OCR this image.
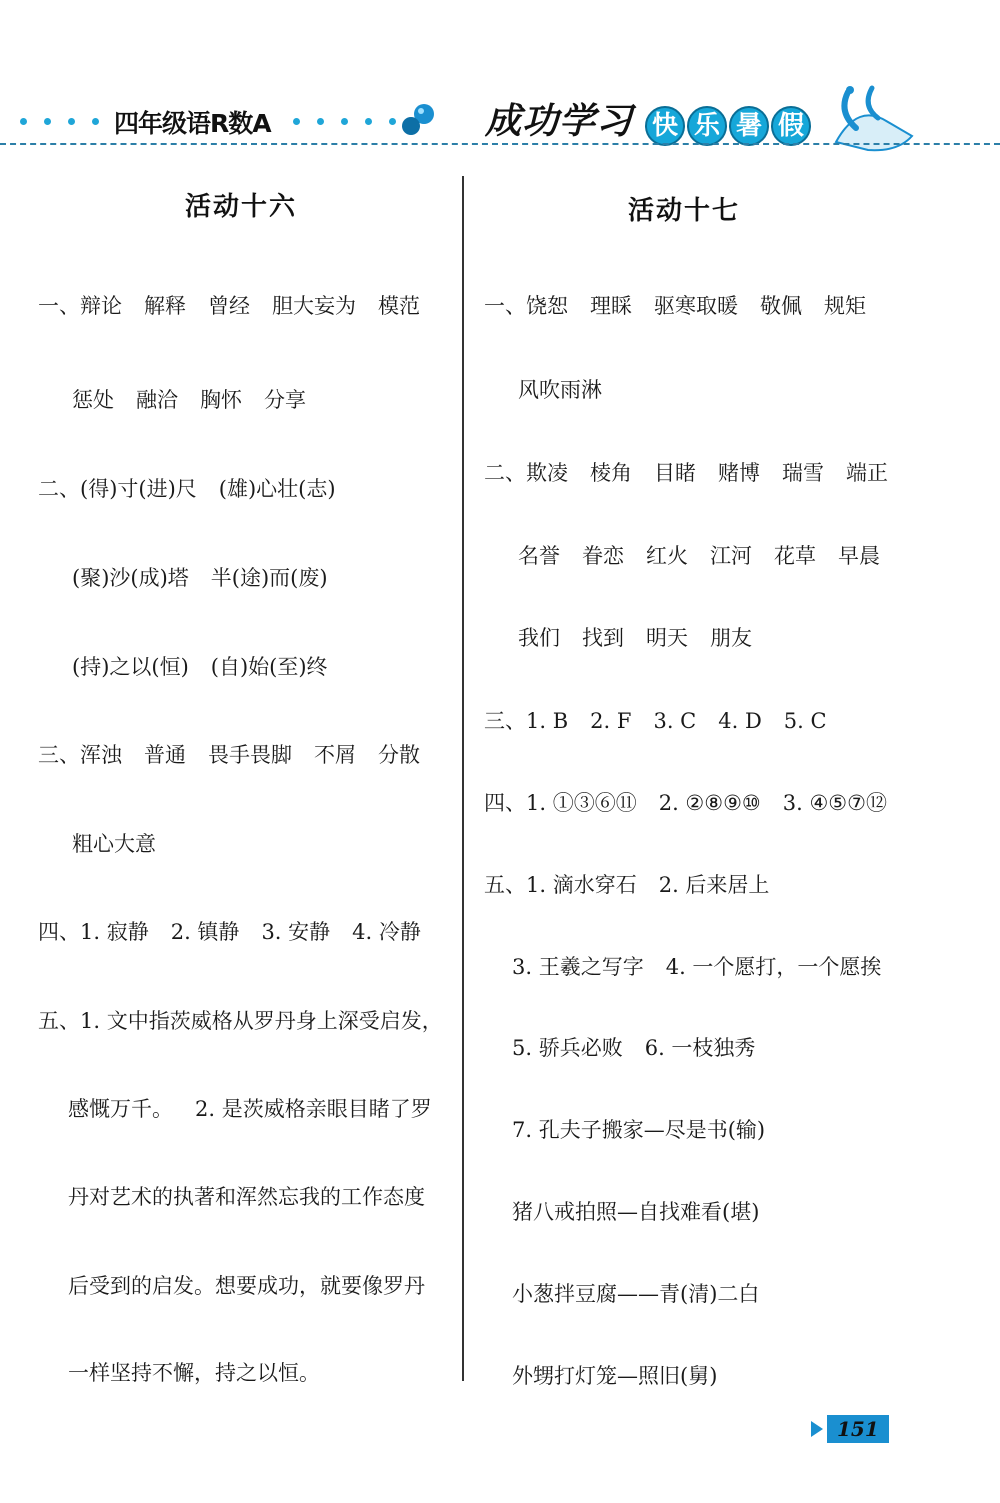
四年级语R数A	成功学习 快 乐 暑 假
活动十六	活动十七
一、辩论 解释 曾经 胆大妄为 模范
惩处 融洽 胸怀 分享
二、(得)寸(进)尺 (雄)心壮(志)
(聚)沙(成)塔 半(途)而(废)
(持)之以(恒) (自)始(至)终
三、浑浊 普通 畏手畏脚 不屑 分散
粗心大意
四、1. 寂静 2. 镇静 3. 安静 4. 冷静
五、1. 文中指茨威格从罗丹身上深受启发，
感慨万千。 2. 是茨威格亲眼目睹了罗
丹对艺术的执著和浑然忘我的工作态度
后受到的启发。想要成功，就要像罗丹
一样坚持不懈，持之以恒。
一、饶恕 理睬 驱寒取暖 敬佩 规矩
风吹雨淋
二、欺凌 棱角 目睹 赌博 瑞雪 端正
名誉 眷恋 红火 江河 花草 早晨
我们 找到 明天 朋友
三、1. B 2. F 3. C 4. D 5. C
四、1. ①③⑥⑪ 2. ②⑧⑨⑩ 3. ④⑤⑦⑫
五、1. 滴水穿石 2. 后来居上
3. 王羲之写字 4. 一个愿打，一个愿挨
5. 骄兵必败 6. 一枝独秀
7. 孔夫子搬家—尽是书(输)
猪八戒拍照—自找难看(堪)
小葱拌豆腐——青(清)二白
外甥打灯笼—照旧(舅)
151
